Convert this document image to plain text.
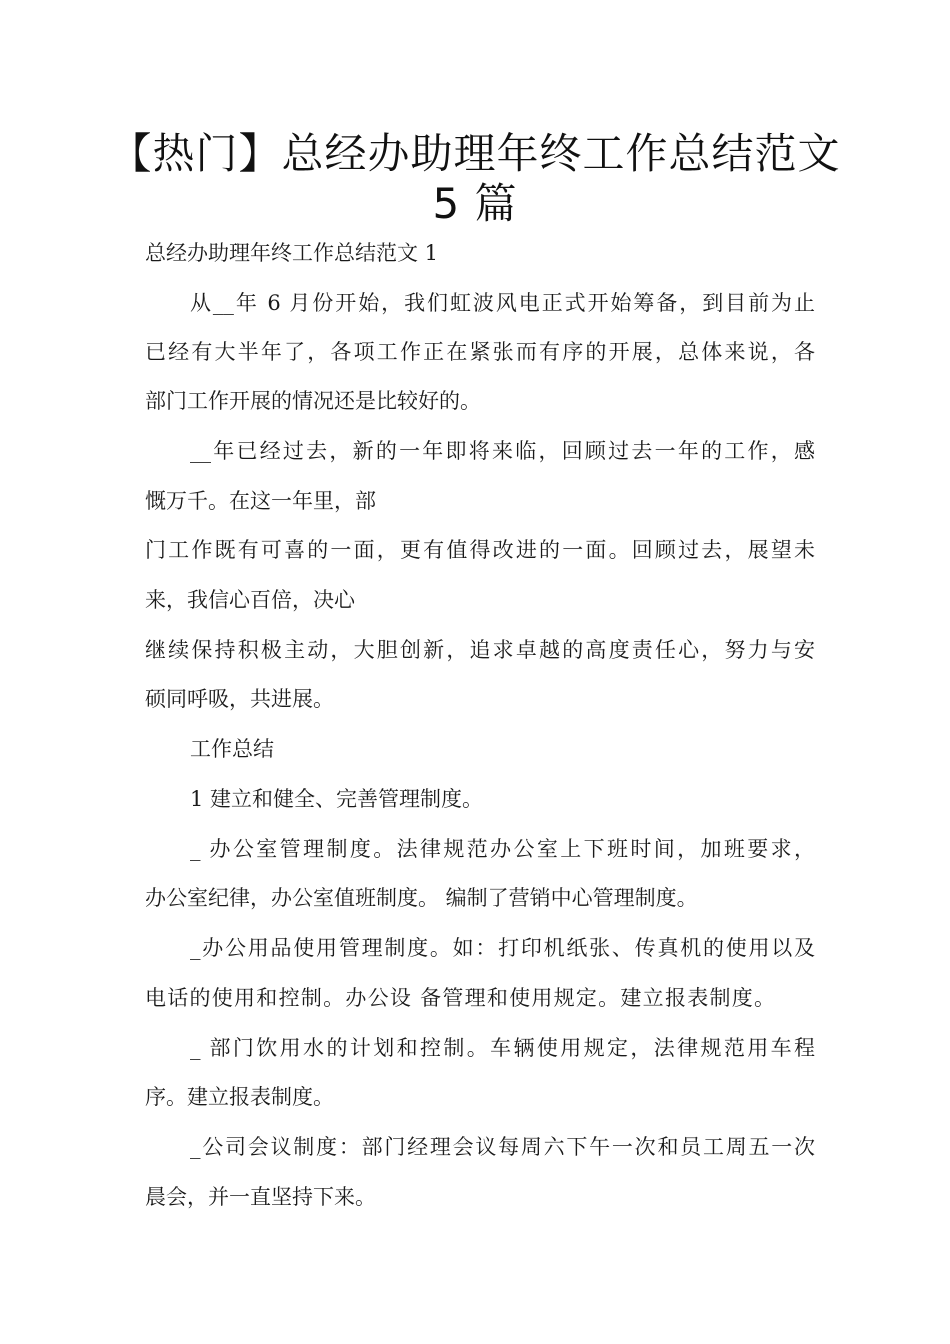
【热门】总经办助理年终工作总结范文
5 篇
总经办助理年终工作总结范文 1
从__年 6 月份开始，我们虹波风电正式开始筹备，到目前为止
已经有大半年了，各项工作正在紧张而有序的开展，总体来说，各
部门工作开展的情况还是比较好的。
__年已经过去，新的一年即将来临，回顾过去一年的工作，感
慨万千。在这一年里，部
门工作既有可喜的一面，更有值得改进的一面。回顾过去，展望未
来，我信心百倍，决心
继续保持积极主动，大胆创新，追求卓越的高度责任心，努力与安
硕同呼吸，共进展。
工作总结
1 建立和健全、完善管理制度。
_ 办公室管理制度。法律规范办公室上下班时间，加班要求，
办公室纪律，办公室值班制度。 编制了营销中心管理制度。
_办公用品使用管理制度。如：打印机纸张、传真机的使用以及
电话的使用和控制。办公设 备管理和使用规定。建立报表制度。
_ 部门饮用水的计划和控制。车辆使用规定，法律规范用车程
序。建立报表制度。
_公司会议制度：部门经理会议每周六下午一次和员工周五一次
晨会，并一直坚持下来。
